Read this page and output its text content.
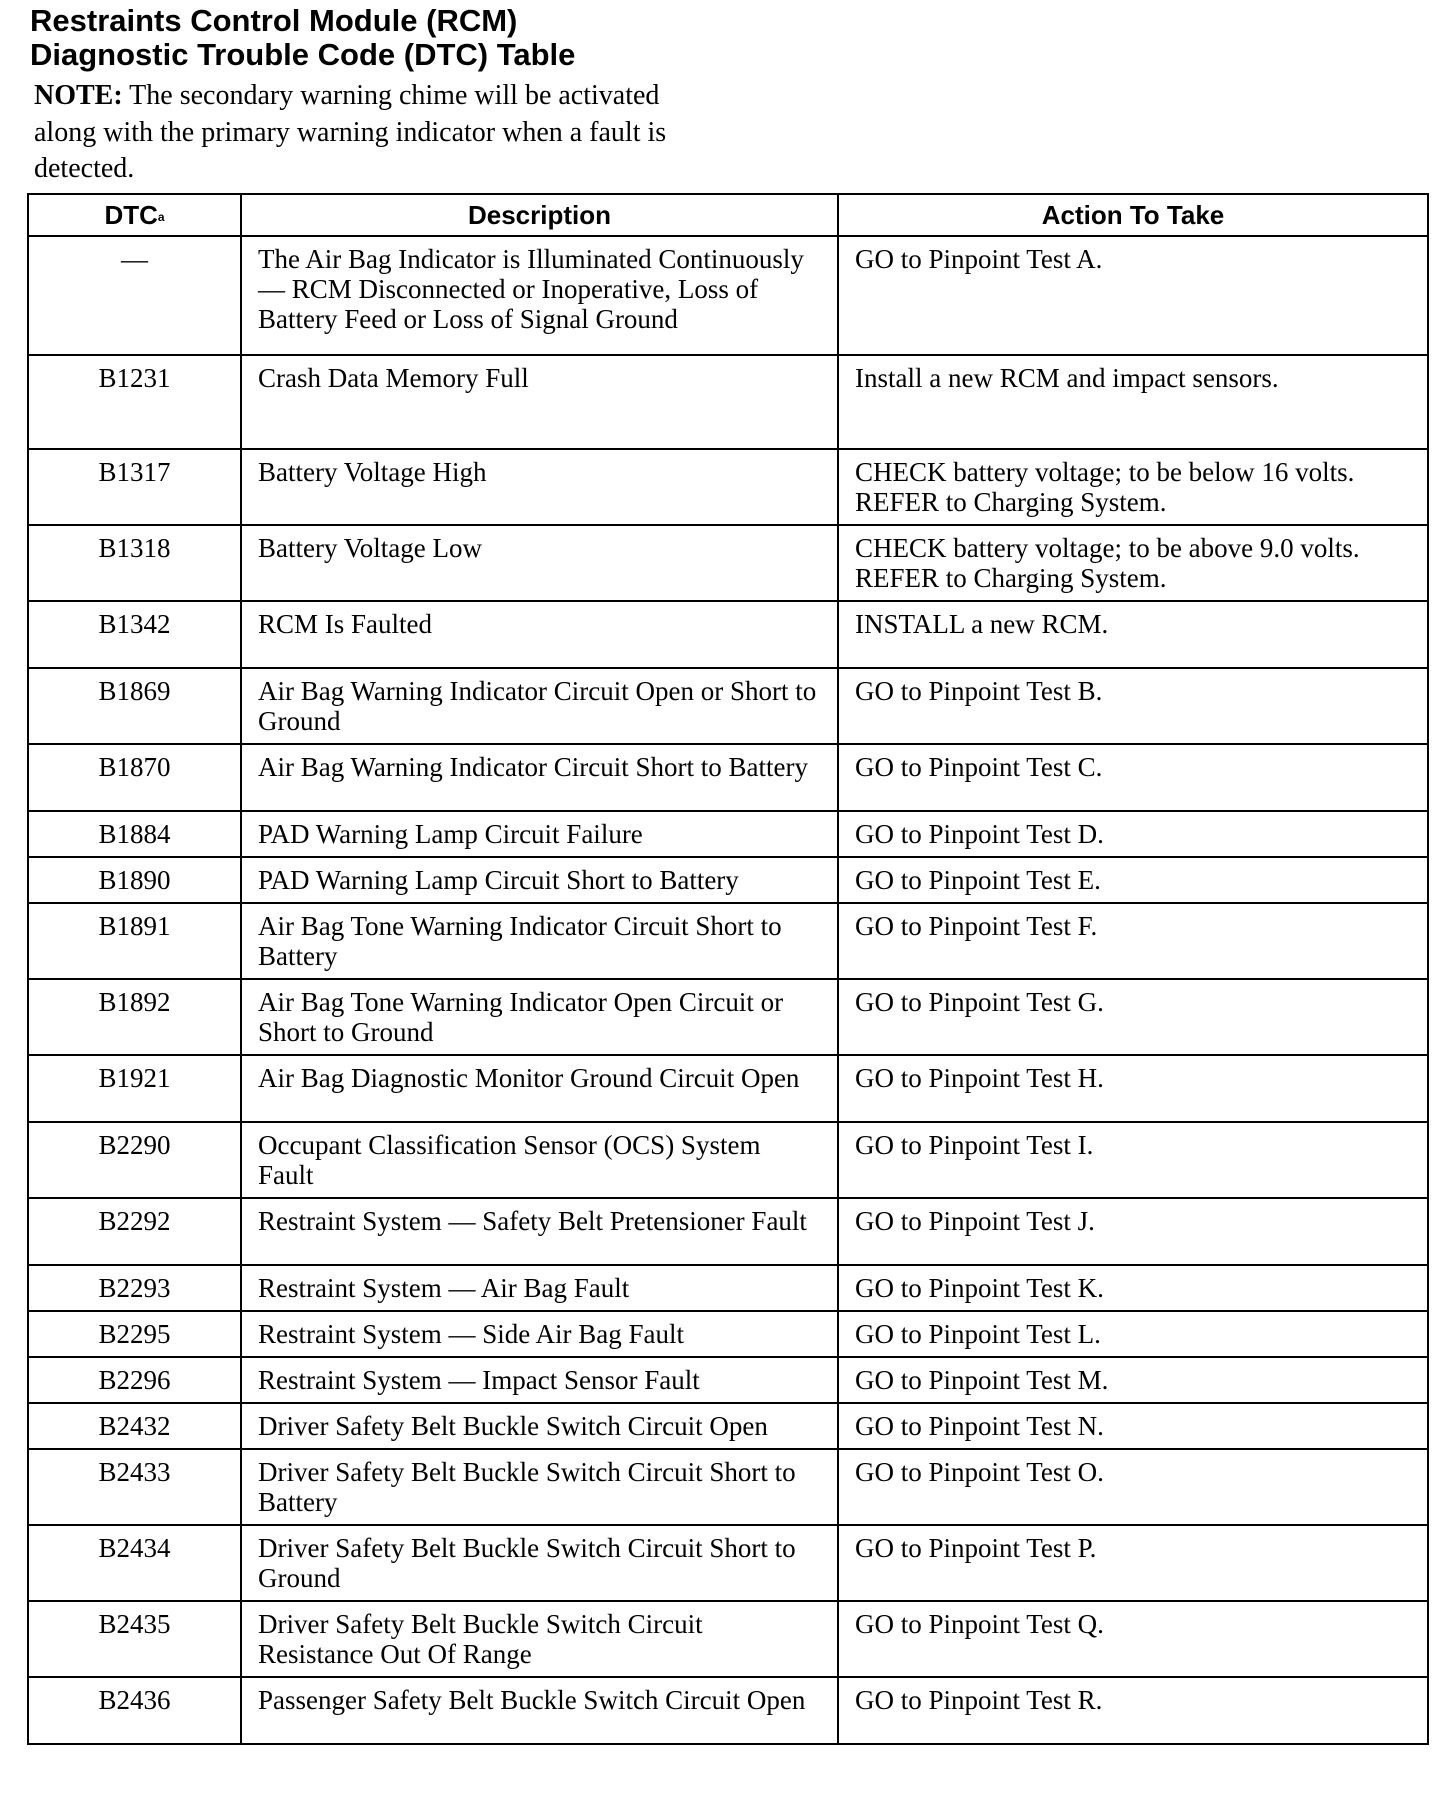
Restraints Control Module (RCM)
Diagnostic Trouble Code (DTC) Table

NOTE: The secondary warning chime will be activated along with the primary warning indicator when a fault is detected.

DTC$^a$	Description	Action To Take
—	The Air Bag Indicator is Illuminated Continuously — RCM Disconnected or Inoperative, Loss of Battery Feed or Loss of Signal Ground	GO to Pinpoint Test A.
B1231	Crash Data Memory Full	Install a new RCM and impact sensors.
B1317	Battery Voltage High	CHECK battery voltage; to be below 16 volts. REFER to Charging System.
B1318	Battery Voltage Low	CHECK battery voltage; to be above 9.0 volts. REFER to Charging System.
B1342	RCM Is Faulted	INSTALL a new RCM.
B1869	Air Bag Warning Indicator Circuit Open or Short to Ground	GO to Pinpoint Test B.
B1870	Air Bag Warning Indicator Circuit Short to Battery	GO to Pinpoint Test C.
B1884	PAD Warning Lamp Circuit Failure	GO to Pinpoint Test D.
B1890	PAD Warning Lamp Circuit Short to Battery	GO to Pinpoint Test E.
B1891	Air Bag Tone Warning Indicator Circuit Short to Battery	GO to Pinpoint Test F.
B1892	Air Bag Tone Warning Indicator Open Circuit or Short to Ground	GO to Pinpoint Test G.
B1921	Air Bag Diagnostic Monitor Ground Circuit Open	GO to Pinpoint Test H.
B2290	Occupant Classification Sensor (OCS) System Fault	GO to Pinpoint Test I.
B2292	Restraint System — Safety Belt Pretensioner Fault	GO to Pinpoint Test J.
B2293	Restraint System — Air Bag Fault	GO to Pinpoint Test K.
B2295	Restraint System — Side Air Bag Fault	GO to Pinpoint Test L.
B2296	Restraint System — Impact Sensor Fault	GO to Pinpoint Test M.
B2432	Driver Safety Belt Buckle Switch Circuit Open	GO to Pinpoint Test N.
B2433	Driver Safety Belt Buckle Switch Circuit Short to Battery	GO to Pinpoint Test O.
B2434	Driver Safety Belt Buckle Switch Circuit Short to Ground	GO to Pinpoint Test P.
B2435	Driver Safety Belt Buckle Switch Circuit Resistance Out Of Range	GO to Pinpoint Test Q.
B2436	Passenger Safety Belt Buckle Switch Circuit Open	GO to Pinpoint Test R.
